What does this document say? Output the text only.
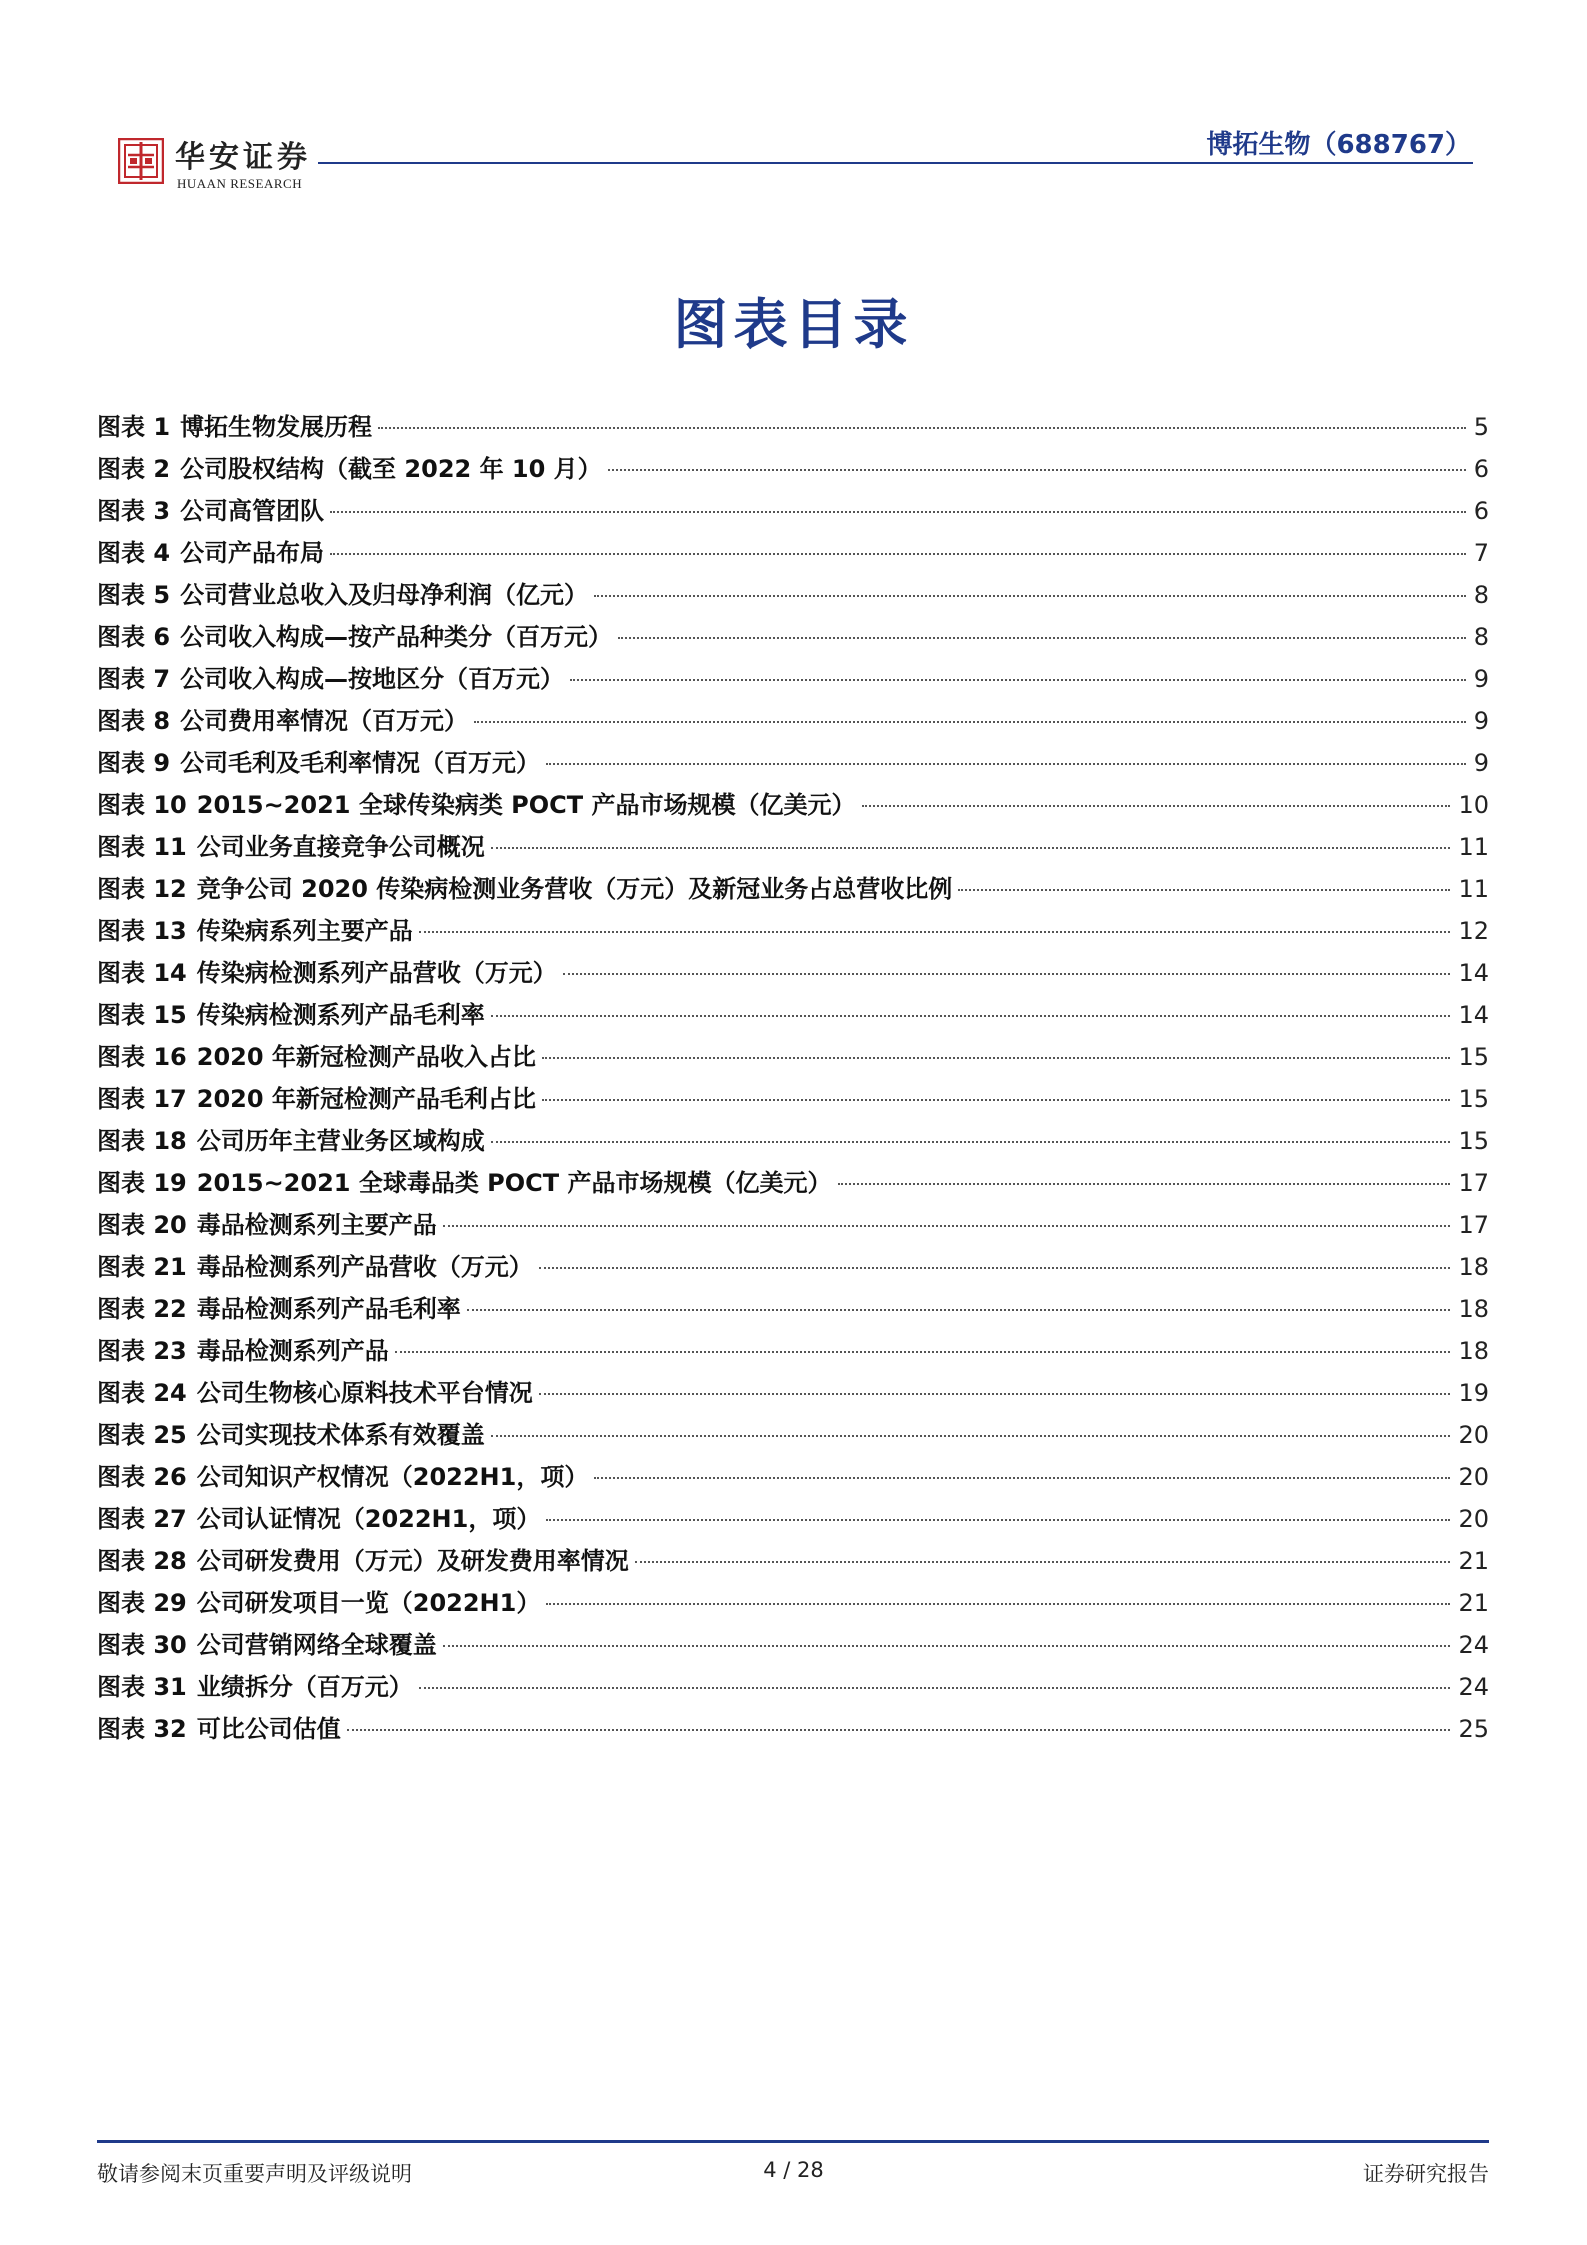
华安证券
HUAAN RESEARCH
博拓生物（688767）
图表目录
图表 1 博拓生物发展历程	5
图表 2 公司股权结构（截至 2022 年 10 月）	6
图表 3 公司高管团队	6
图表 4 公司产品布局	7
图表 5 公司营业总收入及归母净利润（亿元）	8
图表 6 公司收入构成—按产品种类分（百万元）	8
图表 7 公司收入构成—按地区分（百万元）	9
图表 8 公司费用率情况（百万元）	9
图表 9 公司毛利及毛利率情况（百万元）	9
图表 10 2015~2021 全球传染病类 POCT 产品市场规模（亿美元）	10
图表 11 公司业务直接竞争公司概况	11
图表 12 竞争公司 2020 传染病检测业务营收（万元）及新冠业务占总营收比例	11
图表 13 传染病系列主要产品	12
图表 14 传染病检测系列产品营收（万元）	14
图表 15 传染病检测系列产品毛利率	14
图表 16 2020 年新冠检测产品收入占比	15
图表 17 2020 年新冠检测产品毛利占比	15
图表 18 公司历年主营业务区域构成	15
图表 19 2015~2021 全球毒品类 POCT 产品市场规模（亿美元）	17
图表 20 毒品检测系列主要产品	17
图表 21 毒品检测系列产品营收（万元）	18
图表 22 毒品检测系列产品毛利率	18
图表 23 毒品检测系列产品	18
图表 24 公司生物核心原料技术平台情况	19
图表 25 公司实现技术体系有效覆盖	20
图表 26 公司知识产权情况（2022H1，项）	20
图表 27 公司认证情况（2022H1，项）	20
图表 28 公司研发费用（万元）及研发费用率情况	21
图表 29 公司研发项目一览（2022H1）	21
图表 30 公司营销网络全球覆盖	24
图表 31 业绩拆分（百万元）	24
图表 32 可比公司估值	25
敬请参阅末页重要声明及评级说明	4 / 28	证券研究报告
